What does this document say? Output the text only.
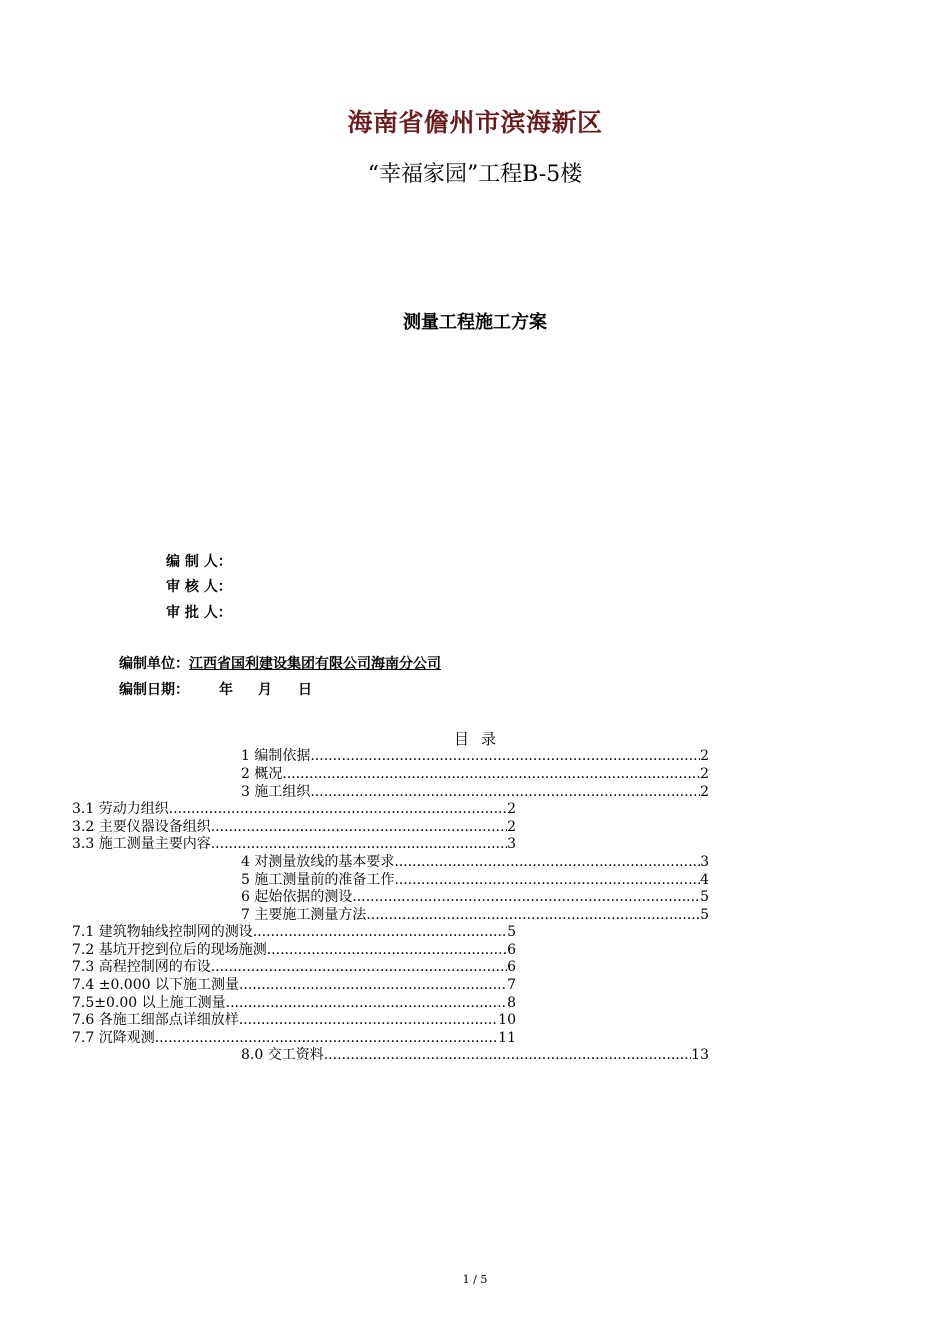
海南省儋州市滨海新区
“幸福家园”工程B-5楼
测量工程施工方案
编 制 人：
审 核 人：
审 批 人：
编制单位：江西省国利建设集团有限公司海南分公司
编制日期： 年 月 日
目录
1 编制依据 .....	2
2 概况 .....	2
3 施工组织 .....	2
3.1 劳动力组织 .....	2
3.2 主要仪器设备组织 .....	2
3.3 施工测量主要内容 .....	3
4 对测量放线的基本要求 .....	3
5 施工测量前的准备工作 .....	4
6 起始依据的测设 .....	5
7 主要施工测量方法 .....	5
7.1 建筑物轴线控制网的测设 .....	5
7.2 基坑开挖到位后的现场施测 .....	6
7.3 高程控制网的布设 .....	6
7.4 ±0.000 以下施工测量 .....	7
7.5±0.00 以上施工测量 .....	8
7.6 各施工细部点详细放样 .....	10
7.7 沉降观测 .....	11
8.0 交工资料 .....	13
1 / 5
